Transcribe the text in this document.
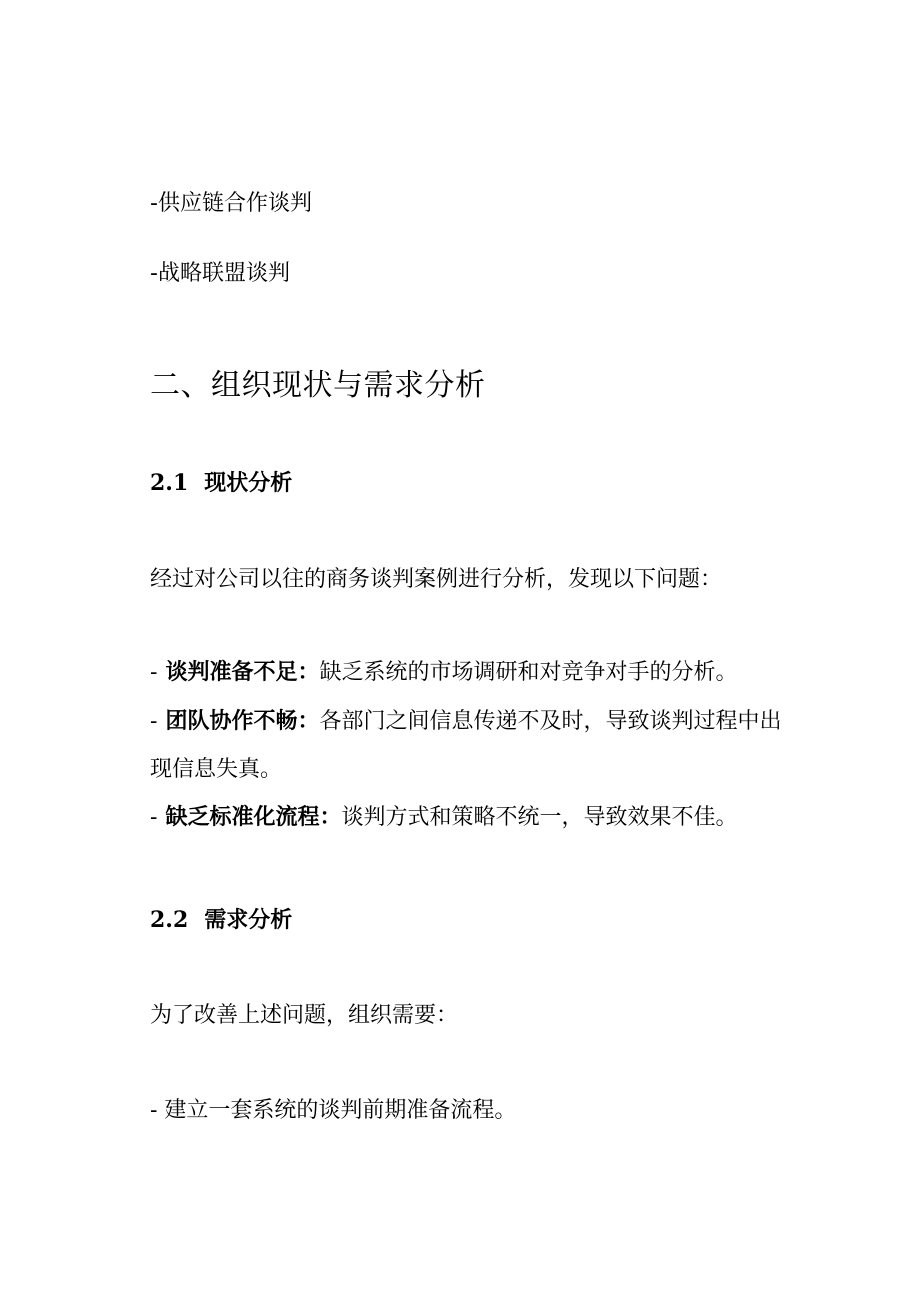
-供应链合作谈判
-战略联盟谈判
二、组织现状与需求分析
2.1 现状分析
经过对公司以往的商务谈判案例进行分析，发现以下问题：
- 谈判准备不足：缺乏系统的市场调研和对竞争对手的分析。
- 团队协作不畅：各部门之间信息传递不及时，导致谈判过程中出
现信息失真。
- 缺乏标准化流程：谈判方式和策略不统一，导致效果不佳。
2.2 需求分析
为了改善上述问题，组织需要：
- 建立一套系统的谈判前期准备流程。
